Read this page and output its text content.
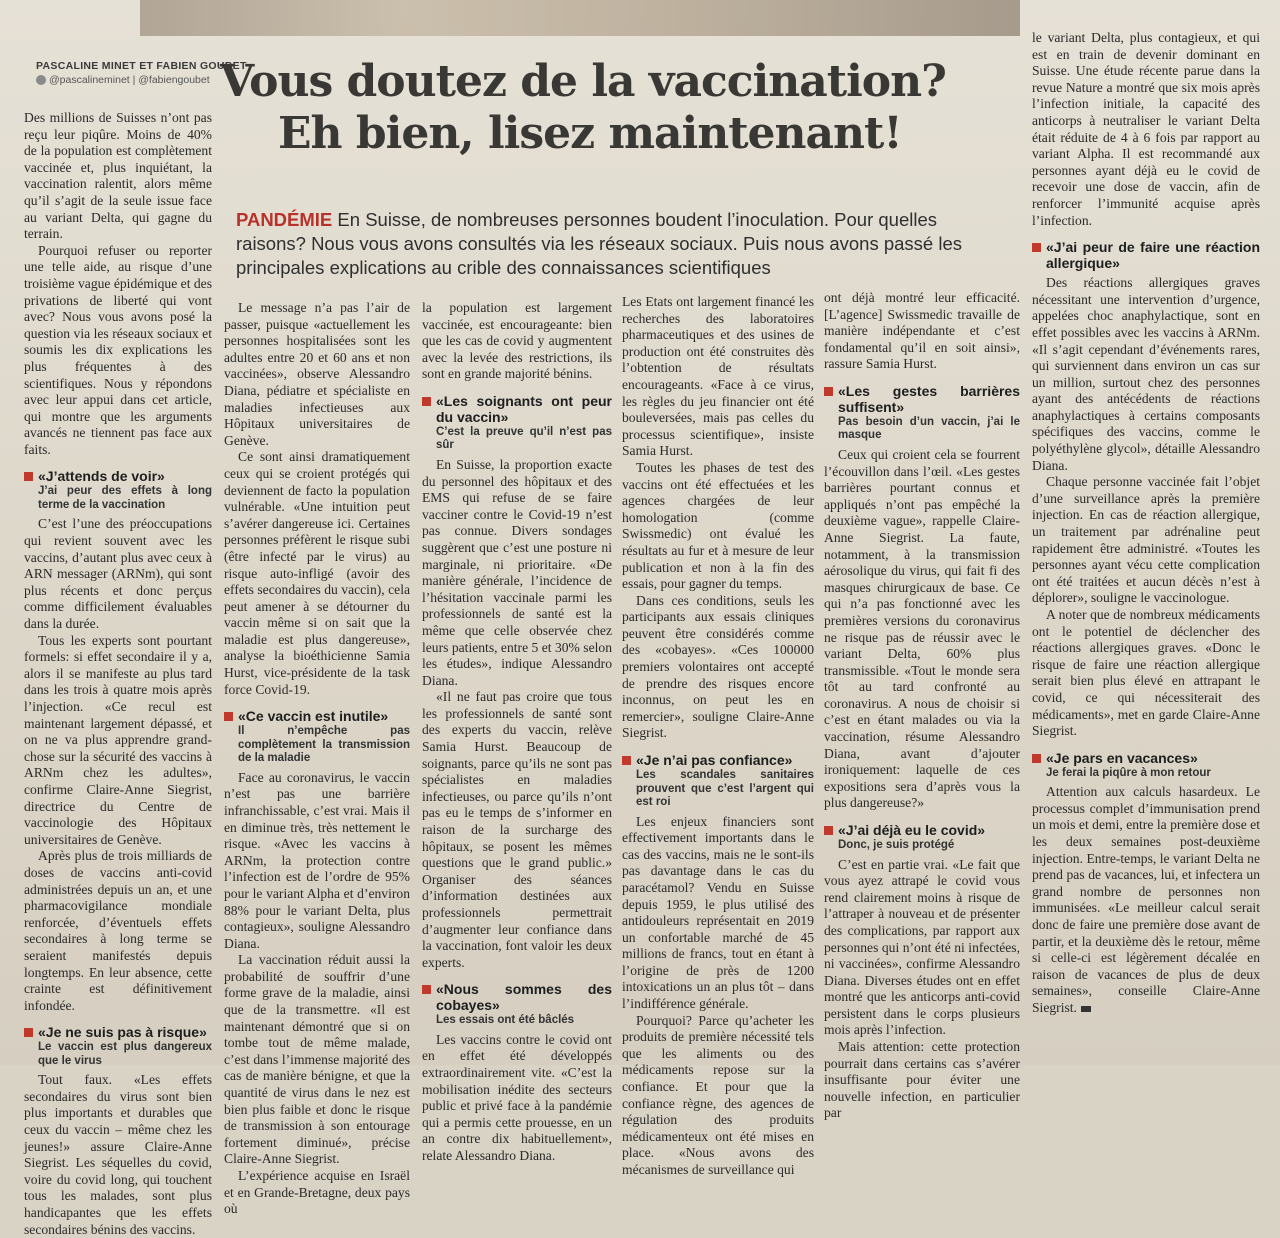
PASCALINE MINET ET FABIEN GOUBET
@pascalineminet | @fabiengoubet Vous doutez de la vaccination?
Eh bien, lisez maintenant!
PANDÉMIE En Suisse, de nombreuses personnes boudent l’inoculation. Pour quelles raisons? Nous vous avons consultés via les réseaux sociaux. Puis nous avons passé les principales explications au crible des connaissances scientifiques

Des millions de Suisses n’ont pas reçu leur piqûre. Moins de 40% de la population est complètement vaccinée et, plus inquiétant, la vaccination ralentit, alors même qu’il s’agit de la seule issue face au variant Delta, qui gagne du terrain.

Pourquoi refuser ou reporter une telle aide, au risque d’une troisième vague épidémique et des privations de liberté qui vont avec? Nous vous avons posé la question via les réseaux sociaux et soumis les dix explications les plus fréquentes à des scientifiques. Nous y répondons avec leur appui dans cet article, qui montre que les arguments avancés ne tiennent pas face aux faits.

«J’attends de voir»
J’ai peur des effets à long terme de la vaccination

C’est l’une des préoccupations qui revient souvent avec les vaccins, d’autant plus avec ceux à ARN messager (ARNm), qui sont plus récents et donc perçus comme difficilement évaluables dans la durée.

Tous les experts sont pourtant formels: si effet secondaire il y a, alors il se manifeste au plus tard dans les trois à quatre mois après l’injection. «Ce recul est maintenant largement dépassé, et on ne va plus apprendre grand-chose sur la sécurité des vaccins à ARNm chez les adultes», confirme Claire-Anne Siegrist, directrice du Centre de vaccinologie des Hôpitaux universitaires de Genève.

Après plus de trois milliards de doses de vaccins anti-covid administrées depuis un an, et une pharmacovigilance mondiale renforcée, d’éventuels effets secondaires à long terme se seraient manifestés depuis longtemps. En leur absence, cette crainte est définitivement infondée.

«Je ne suis pas à risque»
Le vaccin est plus dangereux que le virus

Tout faux. «Les effets secondaires du virus sont bien plus importants et durables que ceux du vaccin – même chez les jeunes!» assure Claire-Anne Siegrist. Les séquelles du covid, voire du covid long, qui touchent tous les malades, sont plus handicapantes que les effets secondaires bénins des vaccins.

Le message n’a pas l’air de passer, puisque «actuellement les personnes hospitalisées sont les adultes entre 20 et 60 ans et non vaccinées», observe Alessandro Diana, pédiatre et spécialiste en maladies infectieuses aux Hôpitaux universitaires de Genève.

Ce sont ainsi dramatiquement ceux qui se croient protégés qui deviennent de facto la population vulnérable. «Une intuition peut s’avérer dangereuse ici. Certaines personnes préfèrent le risque subi (être infecté par le virus) au risque auto-infligé (avoir des effets secondaires du vaccin), cela peut amener à se détourner du vaccin même si on sait que la maladie est plus dangereuse», analyse la bioéthicienne Samia Hurst, vice-présidente de la task force Covid-19.

«Ce vaccin est inutile»
Il n’empêche pas complètement la transmission de la maladie

Face au coronavirus, le vaccin n’est pas une barrière infranchissable, c’est vrai. Mais il en diminue très, très nettement le risque. «Avec les vaccins à ARNm, la protection contre l’infection est de l’ordre de 95% pour le variant Alpha et d’environ 88% pour le variant Delta, plus contagieux», souligne Alessandro Diana.

La vaccination réduit aussi la probabilité de souffrir d’une forme grave de la maladie, ainsi que de la transmettre. «Il est maintenant démontré que si on tombe tout de même malade, c’est dans l’immense majorité des cas de manière bénigne, et que la quantité de virus dans le nez est bien plus faible et donc le risque de transmission à son entourage fortement diminué», précise Claire-Anne Siegrist.

L’expérience acquise en Israël et en Grande-Bretagne, deux pays où

la population est largement vaccinée, est encourageante: bien que les cas de covid y augmentent avec la levée des restrictions, ils sont en grande majorité bénins.

«Les soignants ont peur du vaccin»
C’est la preuve qu’il n’est pas sûr

En Suisse, la proportion exacte du personnel des hôpitaux et des EMS qui refuse de se faire vacciner contre le Covid-19 n’est pas connue. Divers sondages suggèrent que c’est une posture ni marginale, ni prioritaire. «De manière générale, l’incidence de l’hésitation vaccinale parmi les professionnels de santé est la même que celle observée chez leurs patients, entre 5 et 30% selon les études», indique Alessandro Diana.

«Il ne faut pas croire que tous les professionnels de santé sont des experts du vaccin, relève Samia Hurst. Beaucoup de soignants, parce qu’ils ne sont pas spécialistes en maladies infectieuses, ou parce qu’ils n’ont pas eu le temps de s’informer en raison de la surcharge des hôpitaux, se posent les mêmes questions que le grand public.» Organiser des séances d’information destinées aux professionnels permettrait d’augmenter leur confiance dans la vaccination, font valoir les deux experts.

«Nous sommes des cobayes»
Les essais ont été bâclés

Les vaccins contre le covid ont en effet été développés extraordinairement vite. «C’est la mobilisation inédite des secteurs public et privé face à la pandémie qui a permis cette prouesse, en un an contre dix habituellement», relate Alessandro Diana.

Les Etats ont largement financé les recherches des laboratoires pharmaceutiques et des usines de production ont été construites dès l’obtention de résultats encourageants. «Face à ce virus, les règles du jeu financier ont été bouleversées, mais pas celles du processus scientifique», insiste Samia Hurst.

Toutes les phases de test des vaccins ont été effectuées et les agences chargées de leur homologation (comme Swissmedic) ont évalué les résultats au fur et à mesure de leur publication et non à la fin des essais, pour gagner du temps.

Dans ces conditions, seuls les participants aux essais cliniques peuvent être considérés comme des «cobayes». «Ces 100000 premiers volontaires ont accepté de prendre des risques encore inconnus, on peut les en remercier», souligne Claire-Anne Siegrist.

«Je n’ai pas confiance»
Les scandales sanitaires prouvent que c’est l’argent qui est roi

Les enjeux financiers sont effectivement importants dans le cas des vaccins, mais ne le sont-ils pas davantage dans le cas du paracétamol? Vendu en Suisse depuis 1959, le plus utilisé des antidouleurs représentait en 2019 un confortable marché de 45 millions de francs, tout en étant à l’origine de près de 1200 intoxications un an plus tôt – dans l’indifférence générale.

Pourquoi? Parce qu’acheter les produits de première nécessité tels que les aliments ou des médicaments repose sur la confiance. Et pour que la confiance règne, des agences de régulation des produits médicamenteux ont été mises en place. «Nous avons des mécanismes de surveillance qui

ont déjà montré leur efficacité. [L’agence] Swissmedic travaille de manière indépendante et c’est fondamental qu’il en soit ainsi», rassure Samia Hurst.

«Les gestes barrières suffisent»
Pas besoin d’un vaccin, j’ai le masque

Ceux qui croient cela se fourrent l’écouvillon dans l’œil. «Les gestes barrières pourtant connus et appliqués n’ont pas empêché la deuxième vague», rappelle Claire-Anne Siegrist. La faute, notamment, à la transmission aérosolique du virus, qui fait fi des masques chirurgicaux de base. Ce qui n’a pas fonctionné avec les premières versions du coronavirus ne risque pas de réussir avec le variant Delta, 60% plus transmissible. «Tout le monde sera tôt au tard confronté au coronavirus. A nous de choisir si c’est en étant malades ou via la vaccination, résume Alessandro Diana, avant d’ajouter ironiquement: laquelle de ces expositions sera d’après vous la plus dangereuse?»

«J’ai déjà eu le covid»
Donc, je suis protégé

C’est en partie vrai. «Le fait que vous ayez attrapé le covid vous rend clairement moins à risque de l’attraper à nouveau et de présenter des complications, par rapport aux personnes qui n’ont été ni infectées, ni vaccinées», confirme Alessandro Diana. Diverses études ont en effet montré que les anticorps anti-covid persistent dans le corps plusieurs mois après l’infection.

Mais attention: cette protection pourrait dans certains cas s’avérer insuffisante pour éviter une nouvelle infection, en particulier par

le variant Delta, plus contagieux, et qui est en train de devenir dominant en Suisse. Une étude récente parue dans la revue Nature a montré que six mois après l’infection initiale, la capacité des anticorps à neutraliser le variant Delta était réduite de 4 à 6 fois par rapport au variant Alpha. Il est recommandé aux personnes ayant déjà eu le covid de recevoir une dose de vaccin, afin de renforcer l’immunité acquise après l’infection.

«J’ai peur de faire une réaction allergique»

Des réactions allergiques graves nécessitant une intervention d’urgence, appelées choc anaphylactique, sont en effet possibles avec les vaccins à ARNm. «Il s’agit cependant d’événements rares, qui surviennent dans environ un cas sur un million, surtout chez des personnes ayant des antécédents de réactions anaphylactiques à certains composants spécifiques des vaccins, comme le polyéthylène glycol», détaille Alessandro Diana.

Chaque personne vaccinée fait l’objet d’une surveillance après la première injection. En cas de réaction allergique, un traitement par adrénaline peut rapidement être administré. «Toutes les personnes ayant vécu cette complication ont été traitées et aucun décès n’est à déplorer», souligne le vaccinologue.

A noter que de nombreux médicaments ont le potentiel de déclencher des réactions allergiques graves. «Donc le risque de faire une réaction allergique serait bien plus élevé en attrapant le covid, ce qui nécessiterait des médicaments», met en garde Claire-Anne Siegrist.

«Je pars en vacances»
Je ferai la piqûre à mon retour

Attention aux calculs hasardeux. Le processus complet d’immunisation prend un mois et demi, entre la première dose et les deux semaines post-deuxième injection. Entre-temps, le variant Delta ne prend pas de vacances, lui, et infectera un grand nombre de personnes non immunisées. «Le meilleur calcul serait donc de faire une première dose avant de partir, et la deuxième dès le retour, même si celle-ci est légèrement décalée en raison de vacances de plus de deux semaines», conseille Claire-Anne Siegrist.
